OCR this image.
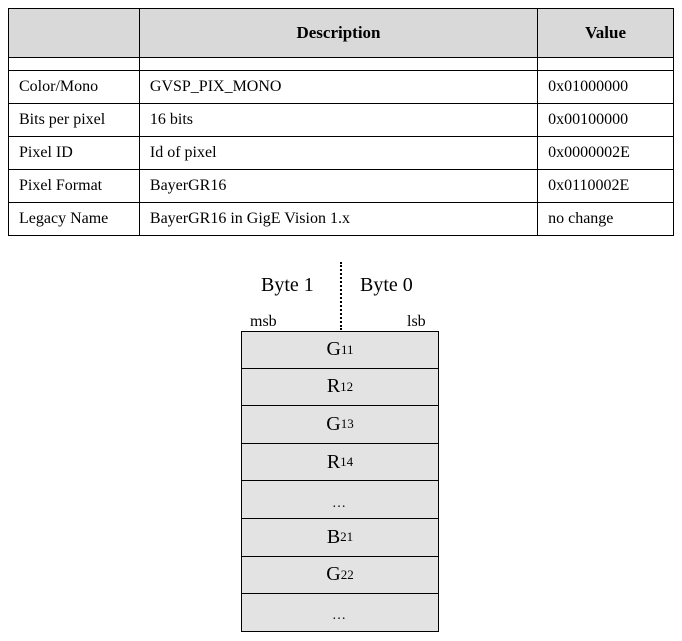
	Description	Value

Color/Mono	GVSP_PIX_MONO	0x01000000
Bits per pixel	16 bits	0x00100000
Pixel ID	Id of pixel	0x0000002E
Pixel Format	BayerGR16	0x0110002E
Legacy Name	BayerGR16 in GigE Vision 1.x	no change
Byte 1 Byte 0
msb	lsb
G 11
R 12
G 13
R 14
…
B 21
G 22
…
